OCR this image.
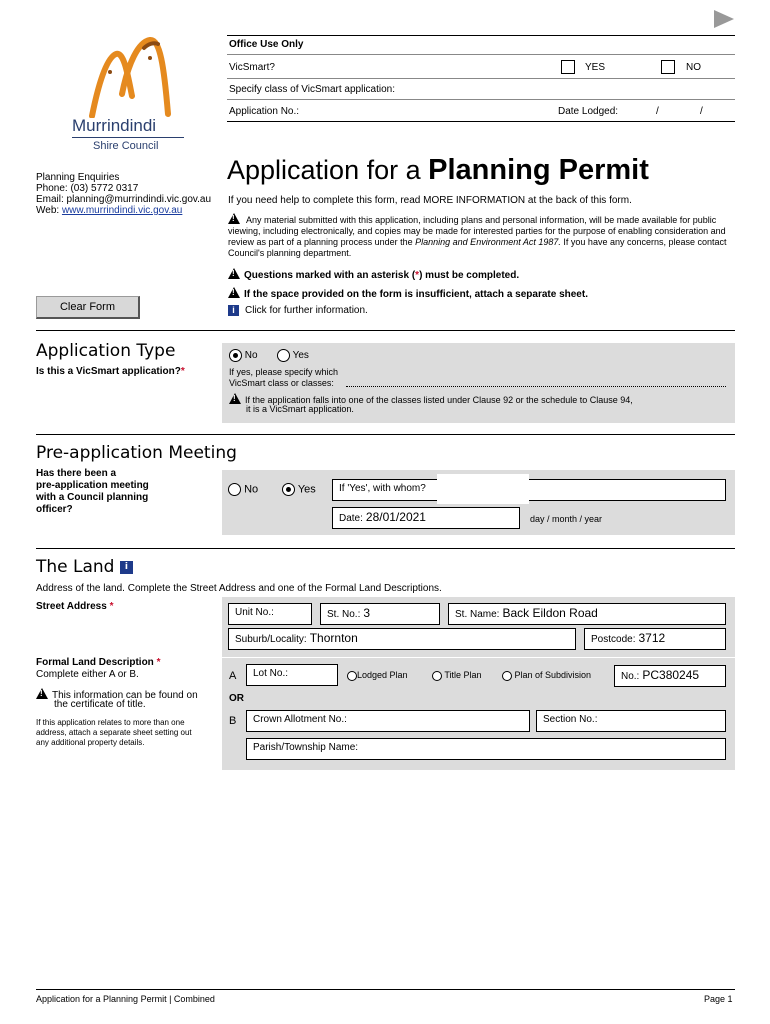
Office Use Only
VicSmart?	YES	NO
Specify class of VicSmart application:
Application No.:	Date Lodged:	/	/
Murrindindi
Shire Council
Planning Enquiries
Phone: (03) 5772 0317
Email: planning@murrindindi.vic.gov.au
Web: www.murrindindi.vic.gov.au
Application for a Planning Permit
If you need help to complete this form, read MORE INFORMATION at the back of this form.
! Any material submitted with this application, including plans and personal information, will be made available for public viewing, including electronically, and copies may be made for interested parties for the purpose of enabling consideration and review as part of a planning process under the Planning and Environment Act 1987. If you have any concerns, please contact Council's planning department.
!Questions marked with an asterisk (*) must be completed.
!If the space provided on the form is insufficient, attach a separate sheet.
i Click for further information.
Clear Form
Application Type
Is this a VicSmart application?*
No	Yes
If yes, please specify which
VicSmart class or classes:
!If the application falls into one of the classes listed under Clause 92 or the schedule to Clause 94,
it is a VicSmart application.
Pre-application Meeting
Has there been a
pre-application meeting
with a Council planning
officer?
No	Yes	If 'Yes', with whom?
Date: 28/01/2021	day / month / year
The Land i
Address of the land. Complete the Street Address and one of the Formal Land Descriptions.
Street Address *
Unit No.:	St. No.: 3	St. Name: Back Eildon Road
Suburb/Locality: Thornton	Postcode: 3712
Formal Land Description *
Complete either A or B.
!This information can be found on
the certificate of title.
If this application relates to more than one
address, attach a separate sheet setting out
any additional property details.
A	Lot No.:	Lodged Plan	Title Plan	Plan of Subdivision	No.: PC380245
OR
B	Crown Allotment No.:	Section No.:
Parish/Township Name:
Application for a Planning Permit | Combined	Page 1
